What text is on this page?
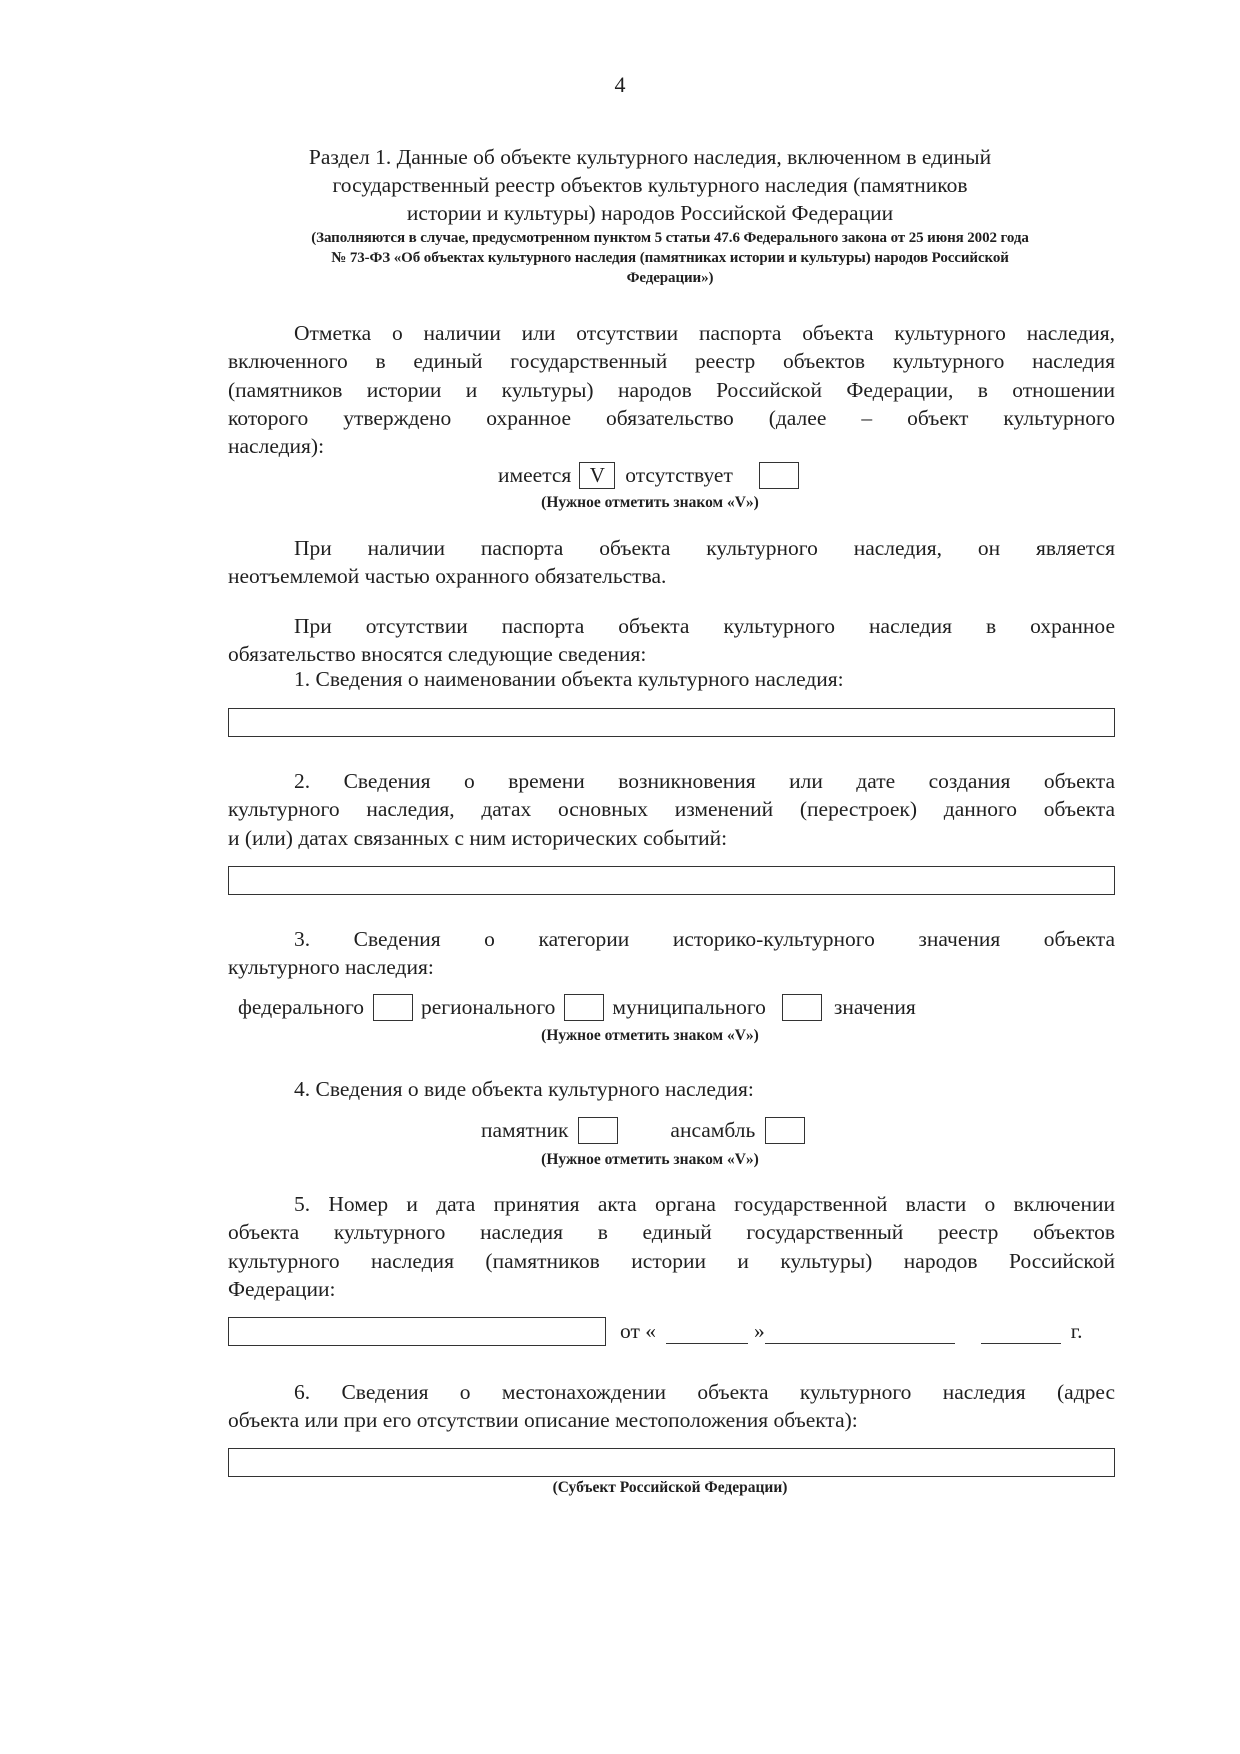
4
Раздел 1. Данные об объекте культурного наследия, включенном в единый
государственный реестр объектов культурного наследия (памятников
истории и культуры) народов Российской Федерации
(Заполняются в случае, предусмотренном пунктом 5 статьи 47.6 Федерального закона от 25 июня 2002 года
№ 73-ФЗ «Об объектах культурного наследия (памятниках истории и культуры) народов Российской
Федерации»)
Отметка о наличии или отсутствии паспорта объекта культурного наследия,
включенного в единый государственный реестр объектов культурного наследия
(памятников истории и культуры) народов Российской Федерации, в отношении
которого утверждено охранное обязательство (далее – объект культурного
наследия):
имеется V отсутствует
(Нужное отметить знаком «V»)
При наличии паспорта объекта культурного наследия, он является
неотъемлемой частью охранного обязательства.
При отсутствии паспорта объекта культурного наследия в охранное
обязательство вносятся следующие сведения:
1. Сведения о наименовании объекта культурного наследия:
2. Сведения о времени возникновения или дате создания объекта
культурного наследия, датах основных изменений (перестроек) данного объекта
и (или) датах связанных с ним исторических событий:
3. Сведения о категории историко-культурного значения объекта
культурного наследия:
федерального	регионального	муниципального	значения
(Нужное отметить знаком «V»)
4. Сведения о виде объекта культурного наследия:
памятник	ансамбль
(Нужное отметить знаком «V»)
5. Номер и дата принятия акта органа государственной власти о включении
объекта культурного наследия в единый государственный реестр объектов
культурного наследия (памятников истории и культуры) народов Российской
Федерации:
от «	»	г.
6. Сведения о местонахождении объекта культурного наследия (адрес
объекта или при его отсутствии описание местоположения объекта):
(Субъект Российской Федерации)
